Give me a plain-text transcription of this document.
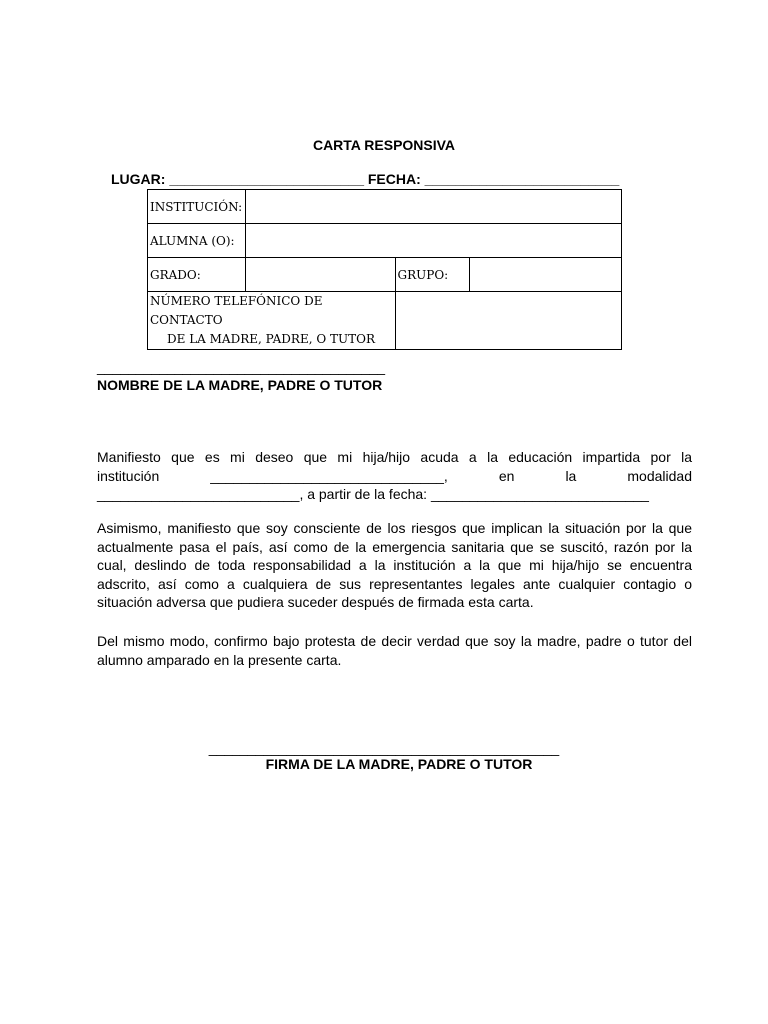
CARTA RESPONSIVA
LUGAR: _________________________ FECHA: _________________________
INSTITUCIÓN:			
ALUMNA (O):			
GRADO:		GRUPO:	
NÚMERO TELEFÓNICO DE CONTACTO
DE LA MADRE, PADRE, O TUTOR			

_____________________________________
NOMBRE DE LA MADRE, PADRE O TUTOR
Manifiesto que es mi deseo que mi hija/hijo acuda a la educación impartida por la
institución ______________________________, en la modalidad
__________________________, a partir de la fecha: ____________________________

Asimismo, manifiesto que soy consciente de los riesgos que implican la situación por la que actualmente pasa el país, así como de la emergencia sanitaria que se suscitó, razón por la cual, deslindo de toda responsabilidad a la institución a la que mi hija/hijo se encuentra adscrito, así como a cualquiera de sus representantes legales ante cualquier contagio o situación adversa que pudiera suceder después de firmada esta carta.

Del mismo modo, confirmo bajo protesta de decir verdad que soy la madre, padre o tutor del alumno amparado en la presente carta.

_____________________________________________
FIRMA DE LA MADRE, PADRE O TUTOR
